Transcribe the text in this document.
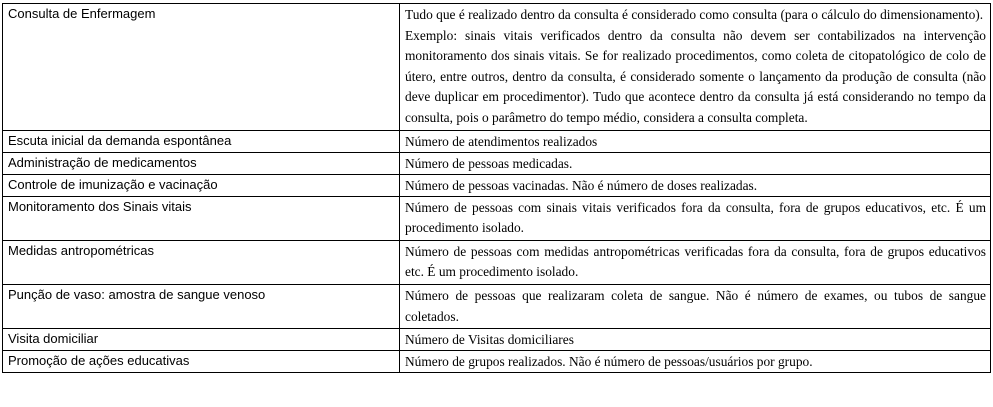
Consulta de Enfermagem	Tudo que é realizado dentro da consulta é considerado como consulta (para o cálculo do dimensionamento).

Exemplo: sinais vitais verificados dentro da consulta não devem ser contabilizados na intervenção monitoramento dos sinais vitais. Se for realizado procedimentos, como coleta de citopatológico de colo de útero, entre outros, dentro da consulta, é considerado somente o lançamento da produção de consulta (não deve duplicar em procedimentor). Tudo que acontece dentro da consulta já está considerando no tempo da consulta, pois o parâmetro do tempo médio, considera a consulta completa.

Escuta inicial da demanda espontânea	Número de atendimentos realizados
Administração de medicamentos	Número de pessoas medicadas.
Controle de imunização e vacinação	Número de pessoas vacinadas. Não é número de doses realizadas.
Monitoramento dos Sinais vitais	Número de pessoas com sinais vitais verificados fora da consulta, fora de grupos educativos, etc. É um procedimento isolado.
Medidas antropométricas	Número de pessoas com medidas antropométricas verificadas fora da consulta, fora de grupos educativos etc. É um procedimento isolado.
Punção de vaso: amostra de sangue venoso	Número de pessoas que realizaram coleta de sangue. Não é número de exames, ou tubos de sangue coletados.
Visita domiciliar	Número de Visitas domiciliares
Promoção de ações educativas	Número de grupos realizados. Não é número de pessoas/usuários por grupo.
